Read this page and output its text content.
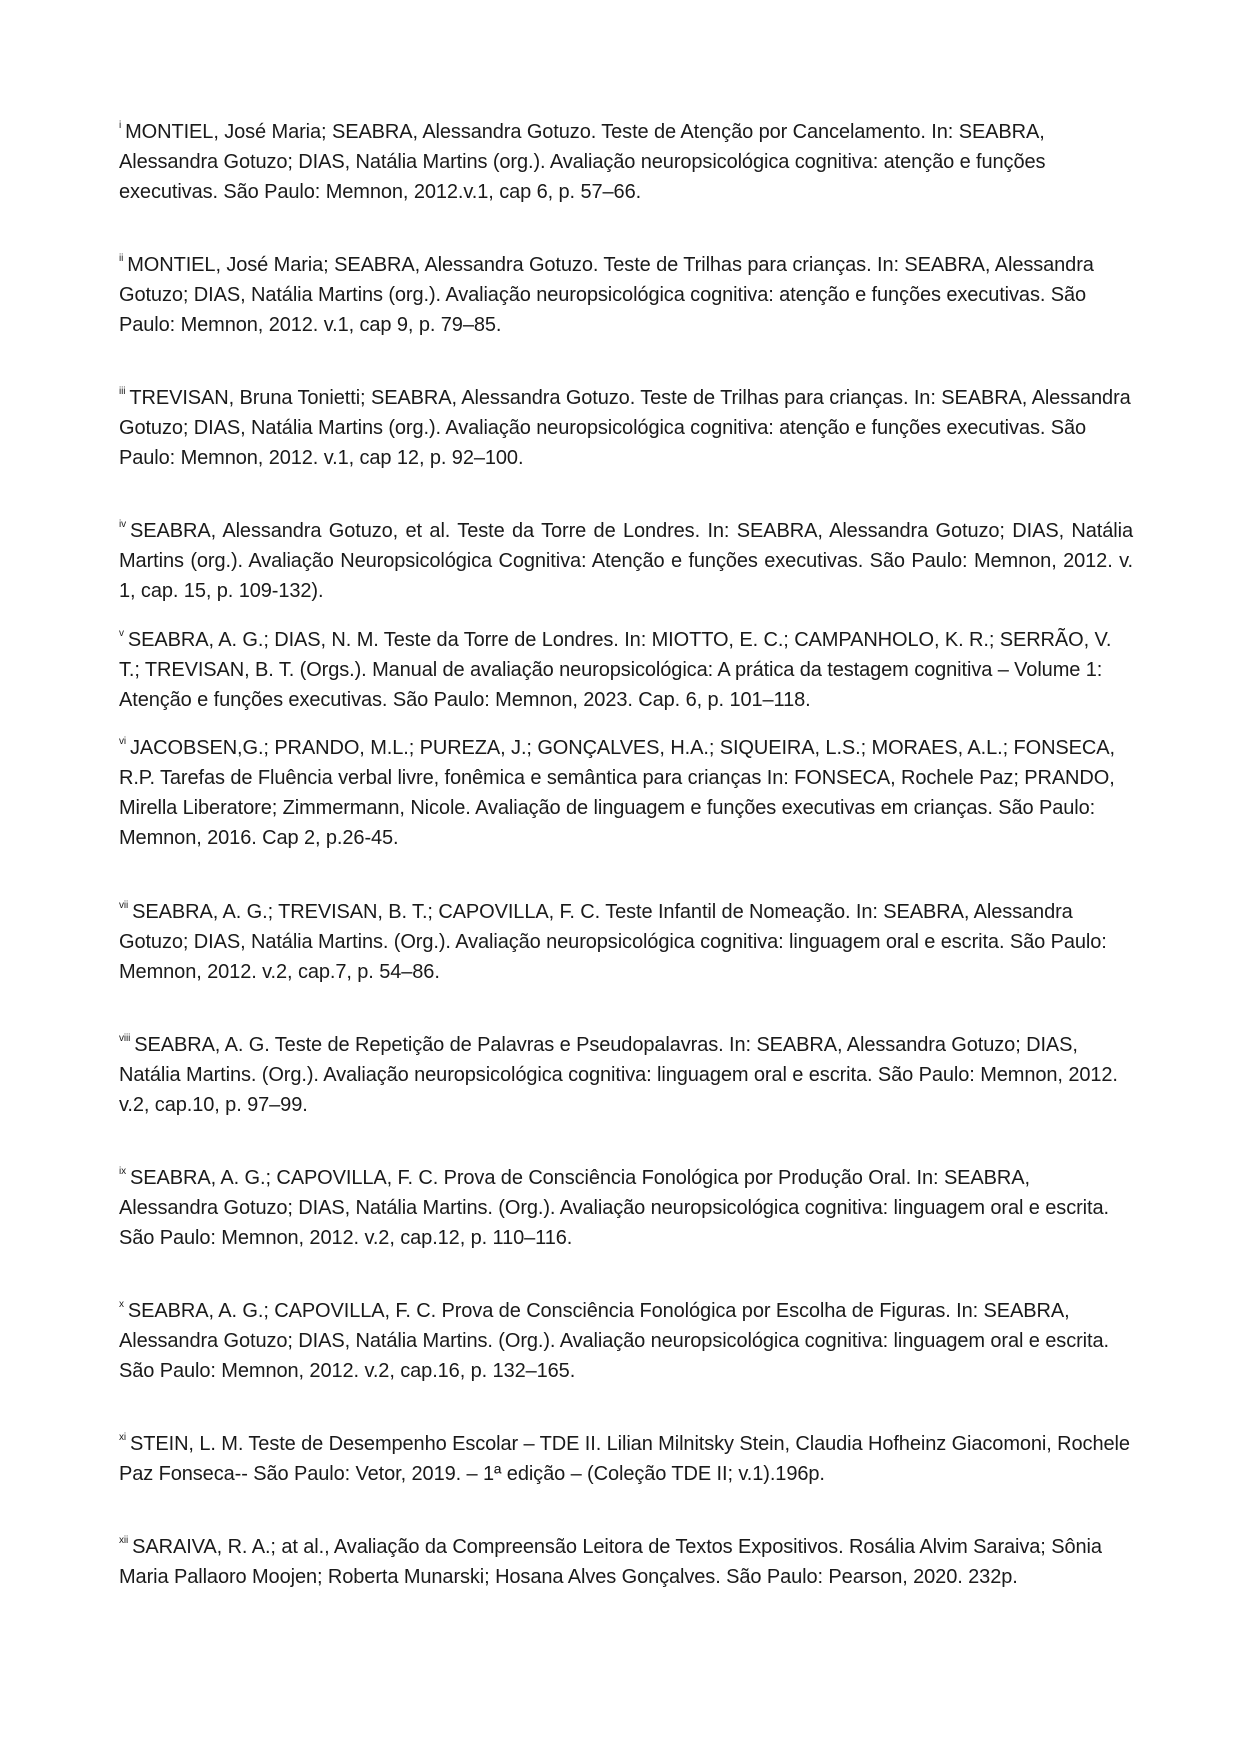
$^i$ MONTIEL, José Maria; SEABRA, Alessandra Gotuzo. Teste de Atenção por Cancelamento. In: SEABRA, Alessandra Gotuzo; DIAS, Natália Martins (org.). Avaliação neuropsicológica cognitiva: atenção e funções executivas. São Paulo: Memnon, 2012.v.1, cap 6, p. 57–66.

$^{ii}$ MONTIEL, José Maria; SEABRA, Alessandra Gotuzo. Teste de Trilhas para crianças. In: SEABRA, Alessandra Gotuzo; DIAS, Natália Martins (org.). Avaliação neuropsicológica cognitiva: atenção e funções executivas. São Paulo: Memnon, 2012. v.1, cap 9, p. 79–85.

$^{iii}$ TREVISAN, Bruna Tonietti; SEABRA, Alessandra Gotuzo. Teste de Trilhas para crianças. In: SEABRA, Alessandra Gotuzo; DIAS, Natália Martins (org.). Avaliação neuropsicológica cognitiva: atenção e funções executivas. São Paulo: Memnon, 2012. v.1, cap 12, p. 92–100.

$^{iv}$ SEABRA, Alessandra Gotuzo, et al. Teste da Torre de Londres. In: SEABRA, Alessandra Gotuzo; DIAS, Natália Martins (org.). Avaliação Neuropsicológica Cognitiva: Atenção e funções executivas. São Paulo: Memnon, 2012. v. 1, cap. 15, p. 109-132).

$^v$ SEABRA, A. G.; DIAS, N. M. Teste da Torre de Londres. In: MIOTTO, E. C.; CAMPANHOLO, K. R.; SERRÃO, V. T.; TREVISAN, B. T. (Orgs.). Manual de avaliação neuropsicológica: A prática da testagem cognitiva – Volume 1: Atenção e funções executivas. São Paulo: Memnon, 2023. Cap. 6, p. 101–118.

$^{vi}$ JACOBSEN,G.; PRANDO, M.L.; PUREZA, J.; GONÇALVES, H.A.; SIQUEIRA, L.S.; MORAES, A.L.; FONSECA, R.P. Tarefas de Fluência verbal livre, fonêmica e semântica para crianças In: FONSECA, Rochele Paz; PRANDO, Mirella Liberatore; Zimmermann, Nicole. Avaliação de linguagem e funções executivas em crianças. São Paulo: Memnon, 2016. Cap 2, p.26-45.

$^{vii}$ SEABRA, A. G.; TREVISAN, B. T.; CAPOVILLA, F. C. Teste Infantil de Nomeação. In: SEABRA, Alessandra Gotuzo; DIAS, Natália Martins. (Org.). Avaliação neuropsicológica cognitiva: linguagem oral e escrita. São Paulo: Memnon, 2012. v.2, cap.7, p. 54–86.

$^{viii}$ SEABRA, A. G. Teste de Repetição de Palavras e Pseudopalavras. In: SEABRA, Alessandra Gotuzo; DIAS, Natália Martins. (Org.). Avaliação neuropsicológica cognitiva: linguagem oral e escrita. São Paulo: Memnon, 2012. v.2, cap.10, p. 97–99.

$^{ix}$ SEABRA, A. G.; CAPOVILLA, F. C. Prova de Consciência Fonológica por Produção Oral. In: SEABRA, Alessandra Gotuzo; DIAS, Natália Martins. (Org.). Avaliação neuropsicológica cognitiva: linguagem oral e escrita. São Paulo: Memnon, 2012. v.2, cap.12, p. 110–116.

$^x$ SEABRA, A. G.; CAPOVILLA, F. C. Prova de Consciência Fonológica por Escolha de Figuras. In: SEABRA, Alessandra Gotuzo; DIAS, Natália Martins. (Org.). Avaliação neuropsicológica cognitiva: linguagem oral e escrita. São Paulo: Memnon, 2012. v.2, cap.16, p. 132–165.

$^{xi}$ STEIN, L. M. Teste de Desempenho Escolar – TDE II. Lilian Milnitsky Stein, Claudia Hofheinz Giacomoni, Rochele Paz Fonseca-- São Paulo: Vetor, 2019. – 1ª edição – (Coleção TDE II; v.1).196p.

$^{xii}$ SARAIVA, R. A.; at al., Avaliação da Compreensão Leitora de Textos Expositivos. Rosália Alvim Saraiva; Sônia Maria Pallaoro Moojen; Roberta Munarski; Hosana Alves Gonçalves. São Paulo: Pearson, 2020. 232p.
